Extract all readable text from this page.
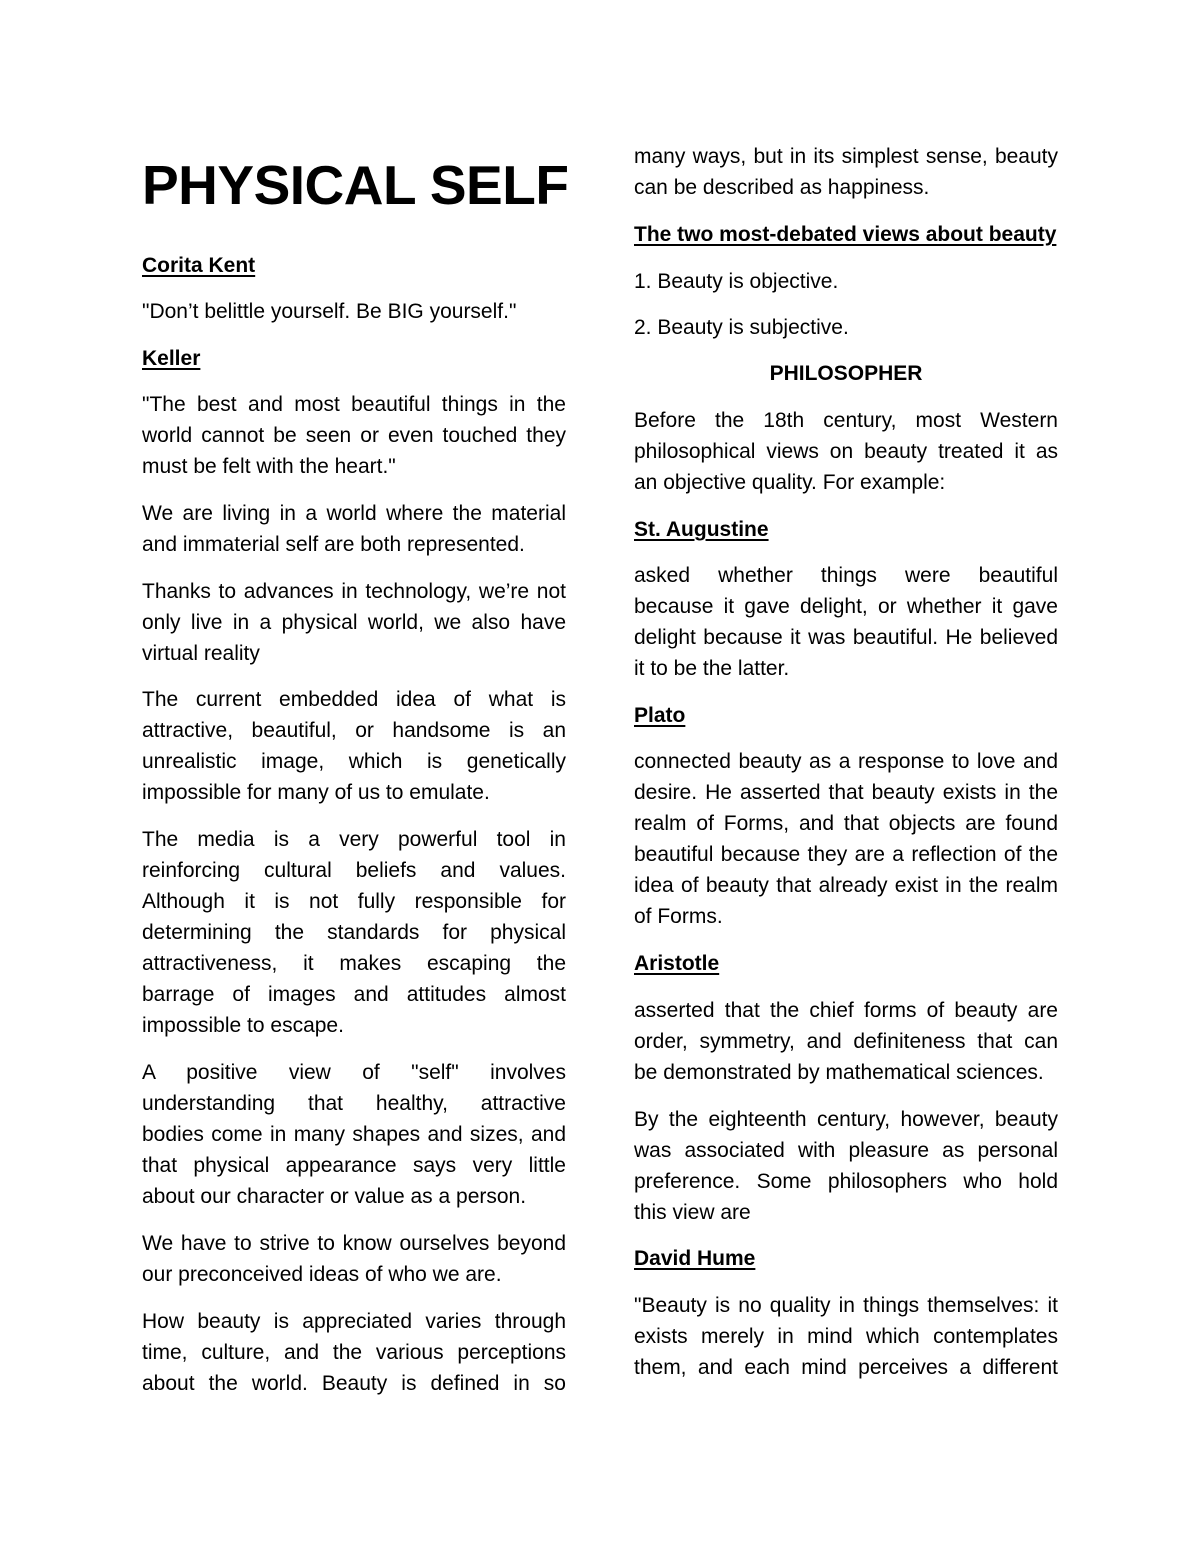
PHYSICAL SELF
Corita Kent
"Don’t belittle yourself. Be BIG yourself."
Keller
"The best and most beautiful things in the
world cannot be seen or even touched they
must be felt with the heart."
We are living in a world where the material
and immaterial self are both represented.
Thanks to advances in technology, we’re not
only live in a physical world, we also have
virtual reality
The current embedded idea of what is
attractive, beautiful, or handsome is an
unrealistic image, which is genetically
impossible for many of us to emulate.
The media is a very powerful tool in
reinforcing cultural beliefs and values.
Although it is not fully responsible for
determining the standards for physical
attractiveness, it makes escaping the
barrage of images and attitudes almost
impossible to escape.
A positive view of "self" involves
understanding that healthy, attractive
bodies come in many shapes and sizes, and
that physical appearance says very little
about our character or value as a person.
We have to strive to know ourselves beyond
our preconceived ideas of who we are.
How beauty is appreciated varies through
time, culture, and the various perceptions
about the world. Beauty is defined in so
many ways, but in its simplest sense, beauty
can be described as happiness.
The two most-debated views about beauty
1. Beauty is objective.
2. Beauty is subjective.
PHILOSOPHER
Before the 18th century, most Western
philosophical views on beauty treated it as
an objective quality. For example:
St. Augustine
asked whether things were beautiful
because it gave delight, or whether it gave
delight because it was beautiful. He believed
it to be the latter.
Plato
connected beauty as a response to love and
desire. He asserted that beauty exists in the
realm of Forms, and that objects are found
beautiful because they are a reflection of the
idea of beauty that already exist in the realm
of Forms.
Aristotle
asserted that the chief forms of beauty are
order, symmetry, and definiteness that can
be demonstrated by mathematical sciences.
By the eighteenth century, however, beauty
was associated with pleasure as personal
preference. Some philosophers who hold
this view are
David Hume
"Beauty is no quality in things themselves: it
exists merely in mind which contemplates
them, and each mind perceives a different
